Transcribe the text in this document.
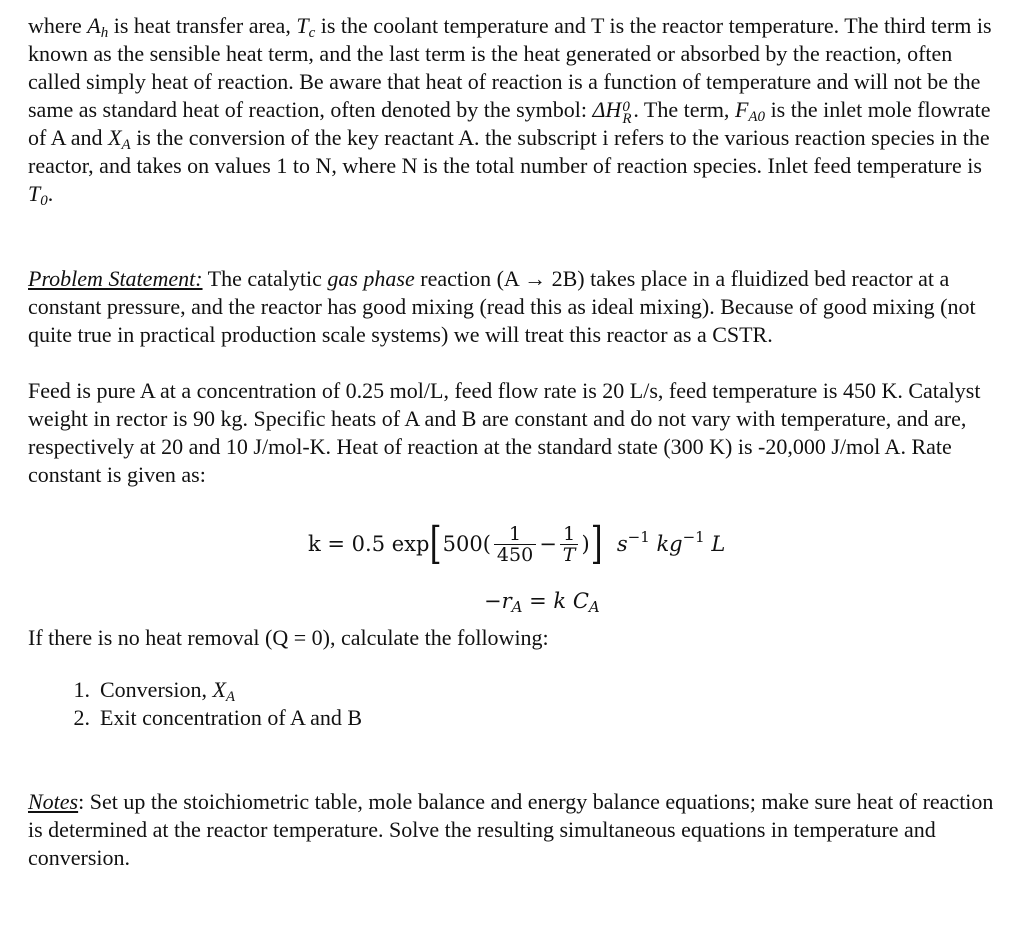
where $A_h$ is heat transfer area, $T_c$ is the coolant temperature and T is the reactor temperature. The third term is known as the sensible heat term, and the last term is the heat generated or absorbed by the reaction, often called simply heat of reaction. Be aware that heat of reaction is a function of temperature and will not be the same as standard heat of reaction, often denoted by the symbol: ΔH 0
R . The term, $F_{A0}$ is the inlet mole flowrate of A and $X_A$ is the conversion of the key reactant A. the subscript i refers to the various reaction species in the reactor, and takes on values 1 to N, where N is the total number of reaction species. Inlet feed temperature is $T_0$.

Problem Statement: The catalytic gas phase reaction (A → 2B) takes place in a fluidized bed reactor at a constant pressure, and the reactor has good mixing (read this as ideal mixing). Because of good mixing (not quite true in practical production scale systems) we will treat this reactor as a CSTR.

Feed is pure A at a concentration of 0.25 mol/L, feed flow rate is 20 L/s, feed temperature is 450 K. Catalyst weight in rector is 90 kg. Specific heats of A and B are constant and do not vary with temperature, and are, respectively at 20 and 10 J/mol-K. Heat of reaction at the standard state (300 K) is -20,000 J/mol A. Rate constant is given as:

k = 0.5 exp [ $500( \frac{1}{450} - \frac{1}{T}$ ) ] $s^{-1}$ $kg^{-1}$ L
$-r_A = k$ $C_A$

If there is no heat removal (Q = 0), calculate the following:

1. Conversion, $X_A$
2. Exit concentration of A and B

Notes: Set up the stoichiometric table, mole balance and energy balance equations; make sure heat of reaction is determined at the reactor temperature. Solve the resulting simultaneous equations in temperature and conversion.
